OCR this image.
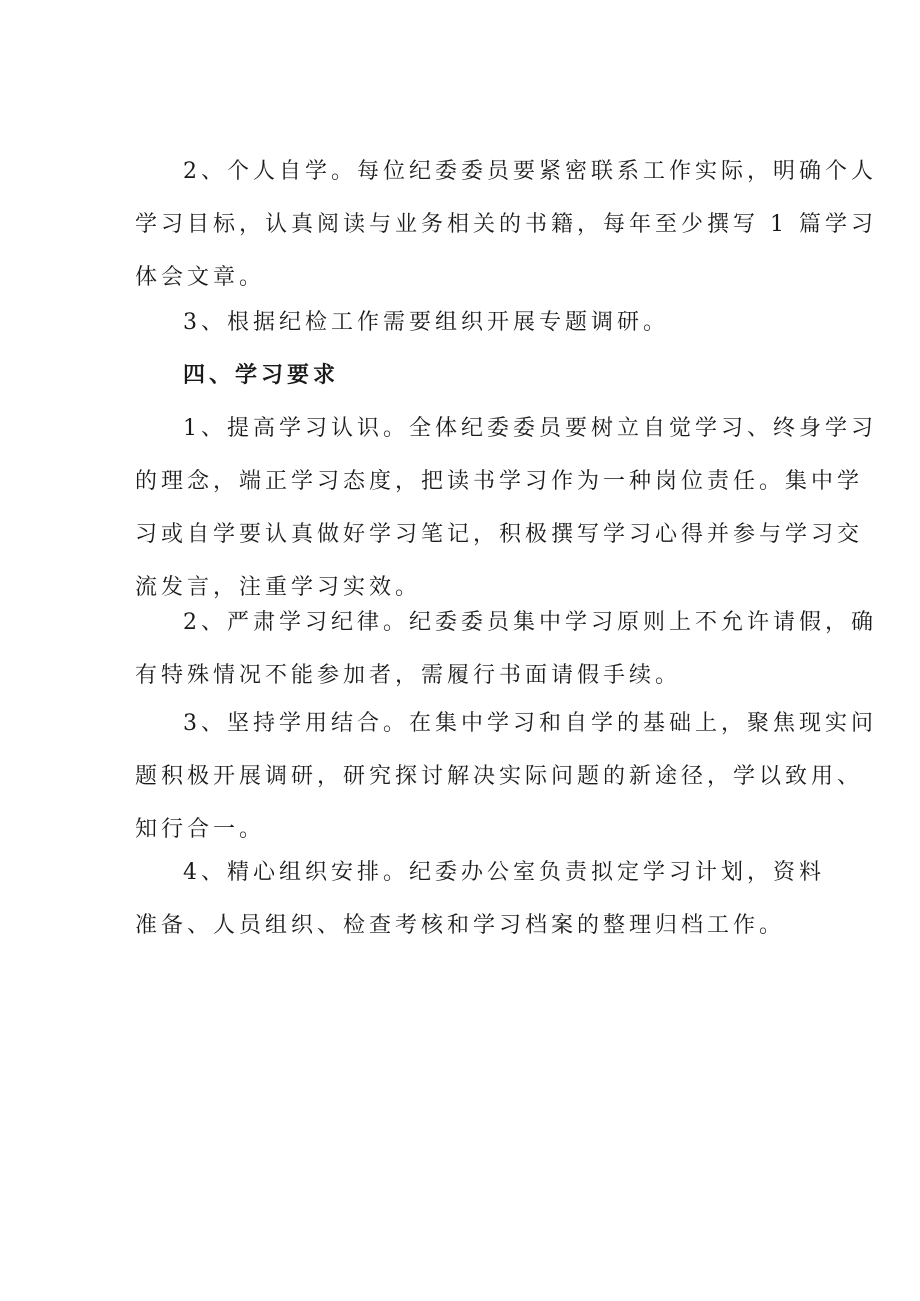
2、个人自学。每位纪委委员要紧密联系工作实际，明确个人
学习目标，认真阅读与业务相关的书籍，每年至少撰写 1 篇学习
体会文章。
3、根据纪检工作需要组织开展专题调研。
四、学习要求
1、提高学习认识。全体纪委委员要树立自觉学习、终身学习
的理念，端正学习态度，把读书学习作为一种岗位责任。集中学
习或自学要认真做好学习笔记，积极撰写学习心得并参与学习交
流发言，注重学习实效。
2、严肃学习纪律。纪委委员集中学习原则上不允许请假，确
有特殊情况不能参加者，需履行书面请假手续。
3、坚持学用结合。在集中学习和自学的基础上，聚焦现实问
题积极开展调研，研究探讨解决实际问题的新途径，学以致用、
知行合一。
4、精心组织安排。纪委办公室负责拟定学习计划，资料
准备、人员组织、检查考核和学习档案的整理归档工作。
